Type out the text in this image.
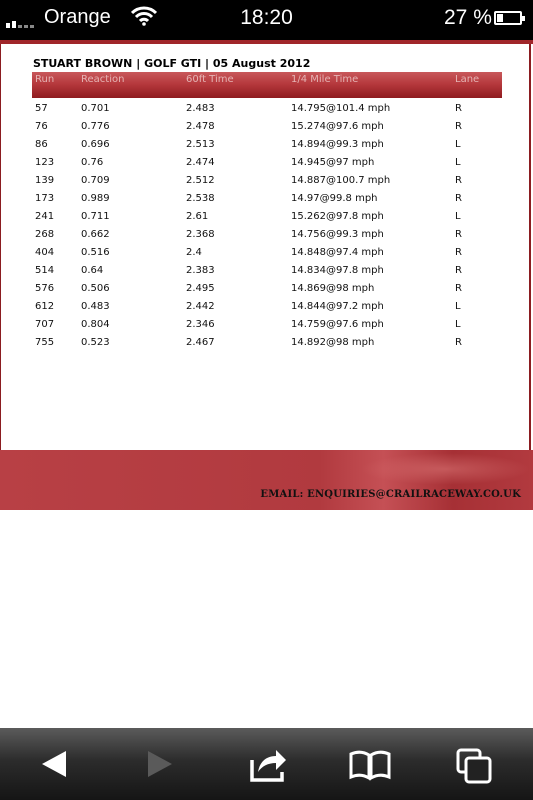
Orange	18:20	27 %
STUART BROWN | GOLF GTI | 05 August 2012
Run	Reaction	60ft Time	1/4 Mile Time	Lane
57	0.701	2.483	14.795@101.4 mph	R
76	0.776	2.478	15.274@97.6 mph	R
86	0.696	2.513	14.894@99.3 mph	L
123	0.76	2.474	14.945@97 mph	L
139	0.709	2.512	14.887@100.7 mph	R
173	0.989	2.538	14.97@99.8 mph	R
241	0.711	2.61	15.262@97.8 mph	L
268	0.662	2.368	14.756@99.3 mph	R
404	0.516	2.4	14.848@97.4 mph	R
514	0.64	2.383	14.834@97.8 mph	R
576	0.506	2.495	14.869@98 mph	R
612	0.483	2.442	14.844@97.2 mph	L
707	0.804	2.346	14.759@97.6 mph	L
755	0.523	2.467	14.892@98 mph	R
EMAIL: ENQUIRIES@CRAILRACEWAY.CO.UK
